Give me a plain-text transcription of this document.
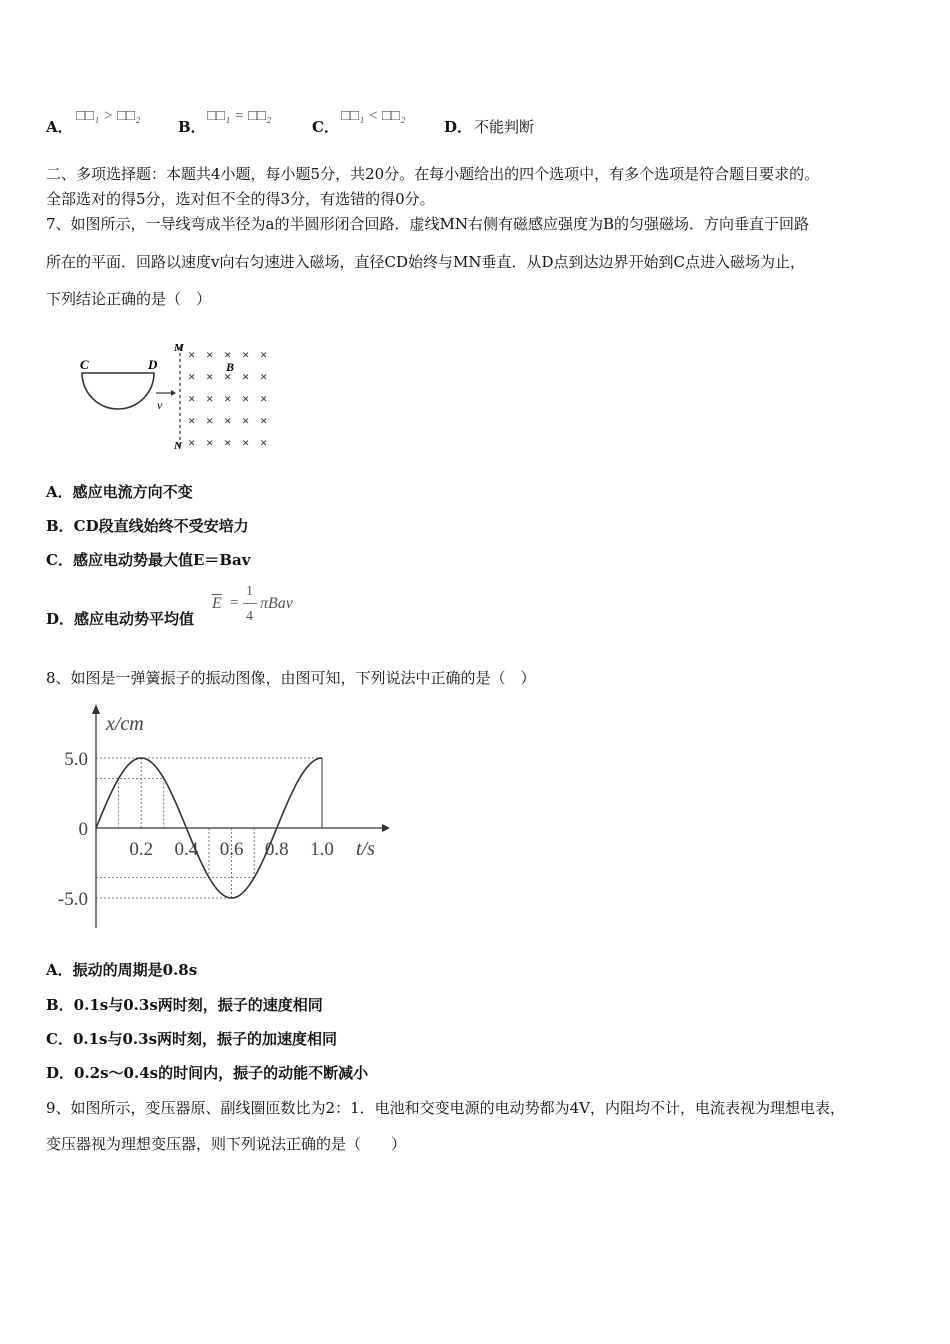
A．
□□₁ > □□₂
B．
□□₁ = □□₂
C．
□□₁ < □□₂
D． 不能判断
二、多项选择题：本题共4小题，每小题5分，共20分。在每小题给出的四个选项中，有多个选项是符合题目要求的。
全部选对的得5分，选对但不全的得3分，有选错的得0分。
7、如图所示，一导线弯成半径为a的半圆形闭合回路．虚线MN右侧有磁感应强度为B的匀强磁场．方向垂直于回路
所在的平面．回路以速度v向右匀速进入磁场，直径CD始终与MN垂直．从D点到达边界开始到C点进入磁场为止，
下列结论正确的是（　）
C	D
v
M
N
B
× × × × ×
× × × × ×
× × × × ×
× × × × ×
× × × × ×
A．感应电流方向不变
B．CD段直线始终不受安培力
C．感应电动势最大值E＝Bav
D．感应电动势平均值
$\overline{E}$ =
1
4
πBav
8、如图是一弹簧振子的振动图像，由图可知，下列说法中正确的是（　）
x/cm
t/s
0.2 0.4 0.6 0.8 1.0
5.0
0
-5.0
A．振动的周期是0.8s
B．0.1s与0.3s两时刻，振子的速度相同
C．0.1s与0.3s两时刻，振子的加速度相同
D．0.2s～0.4s的时间内，振子的动能不断减小
9、如图所示，变压器原、副线圈匝数比为2：1．电池和交变电源的电动势都为4V，内阻均不计，电流表视为理想电表，
变压器视为理想变压器，则下列说法正确的是（　　）
